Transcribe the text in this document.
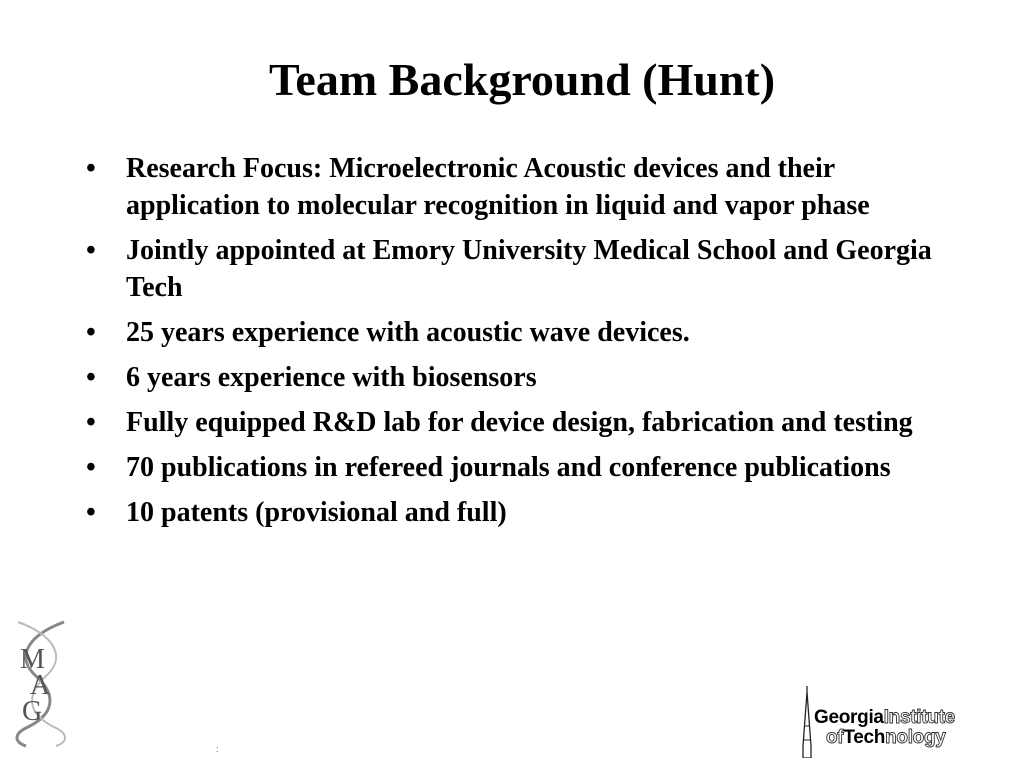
Team Background (Hunt)
•	Research Focus: Microelectronic Acoustic devices and their application to molecular recognition in liquid and vapor phase
•	Jointly appointed at Emory University Medical School and Georgia Tech
•	25 years experience with acoustic wave devices.
•	6 years experience with biosensors
•	Fully equipped R&D lab for device design, fabrication and testing
•	70 publications in refereed journals and conference publications
•	10 patents (provisional and full)
M
A
G	GeorgiaInstitute
ofTechnology
:
